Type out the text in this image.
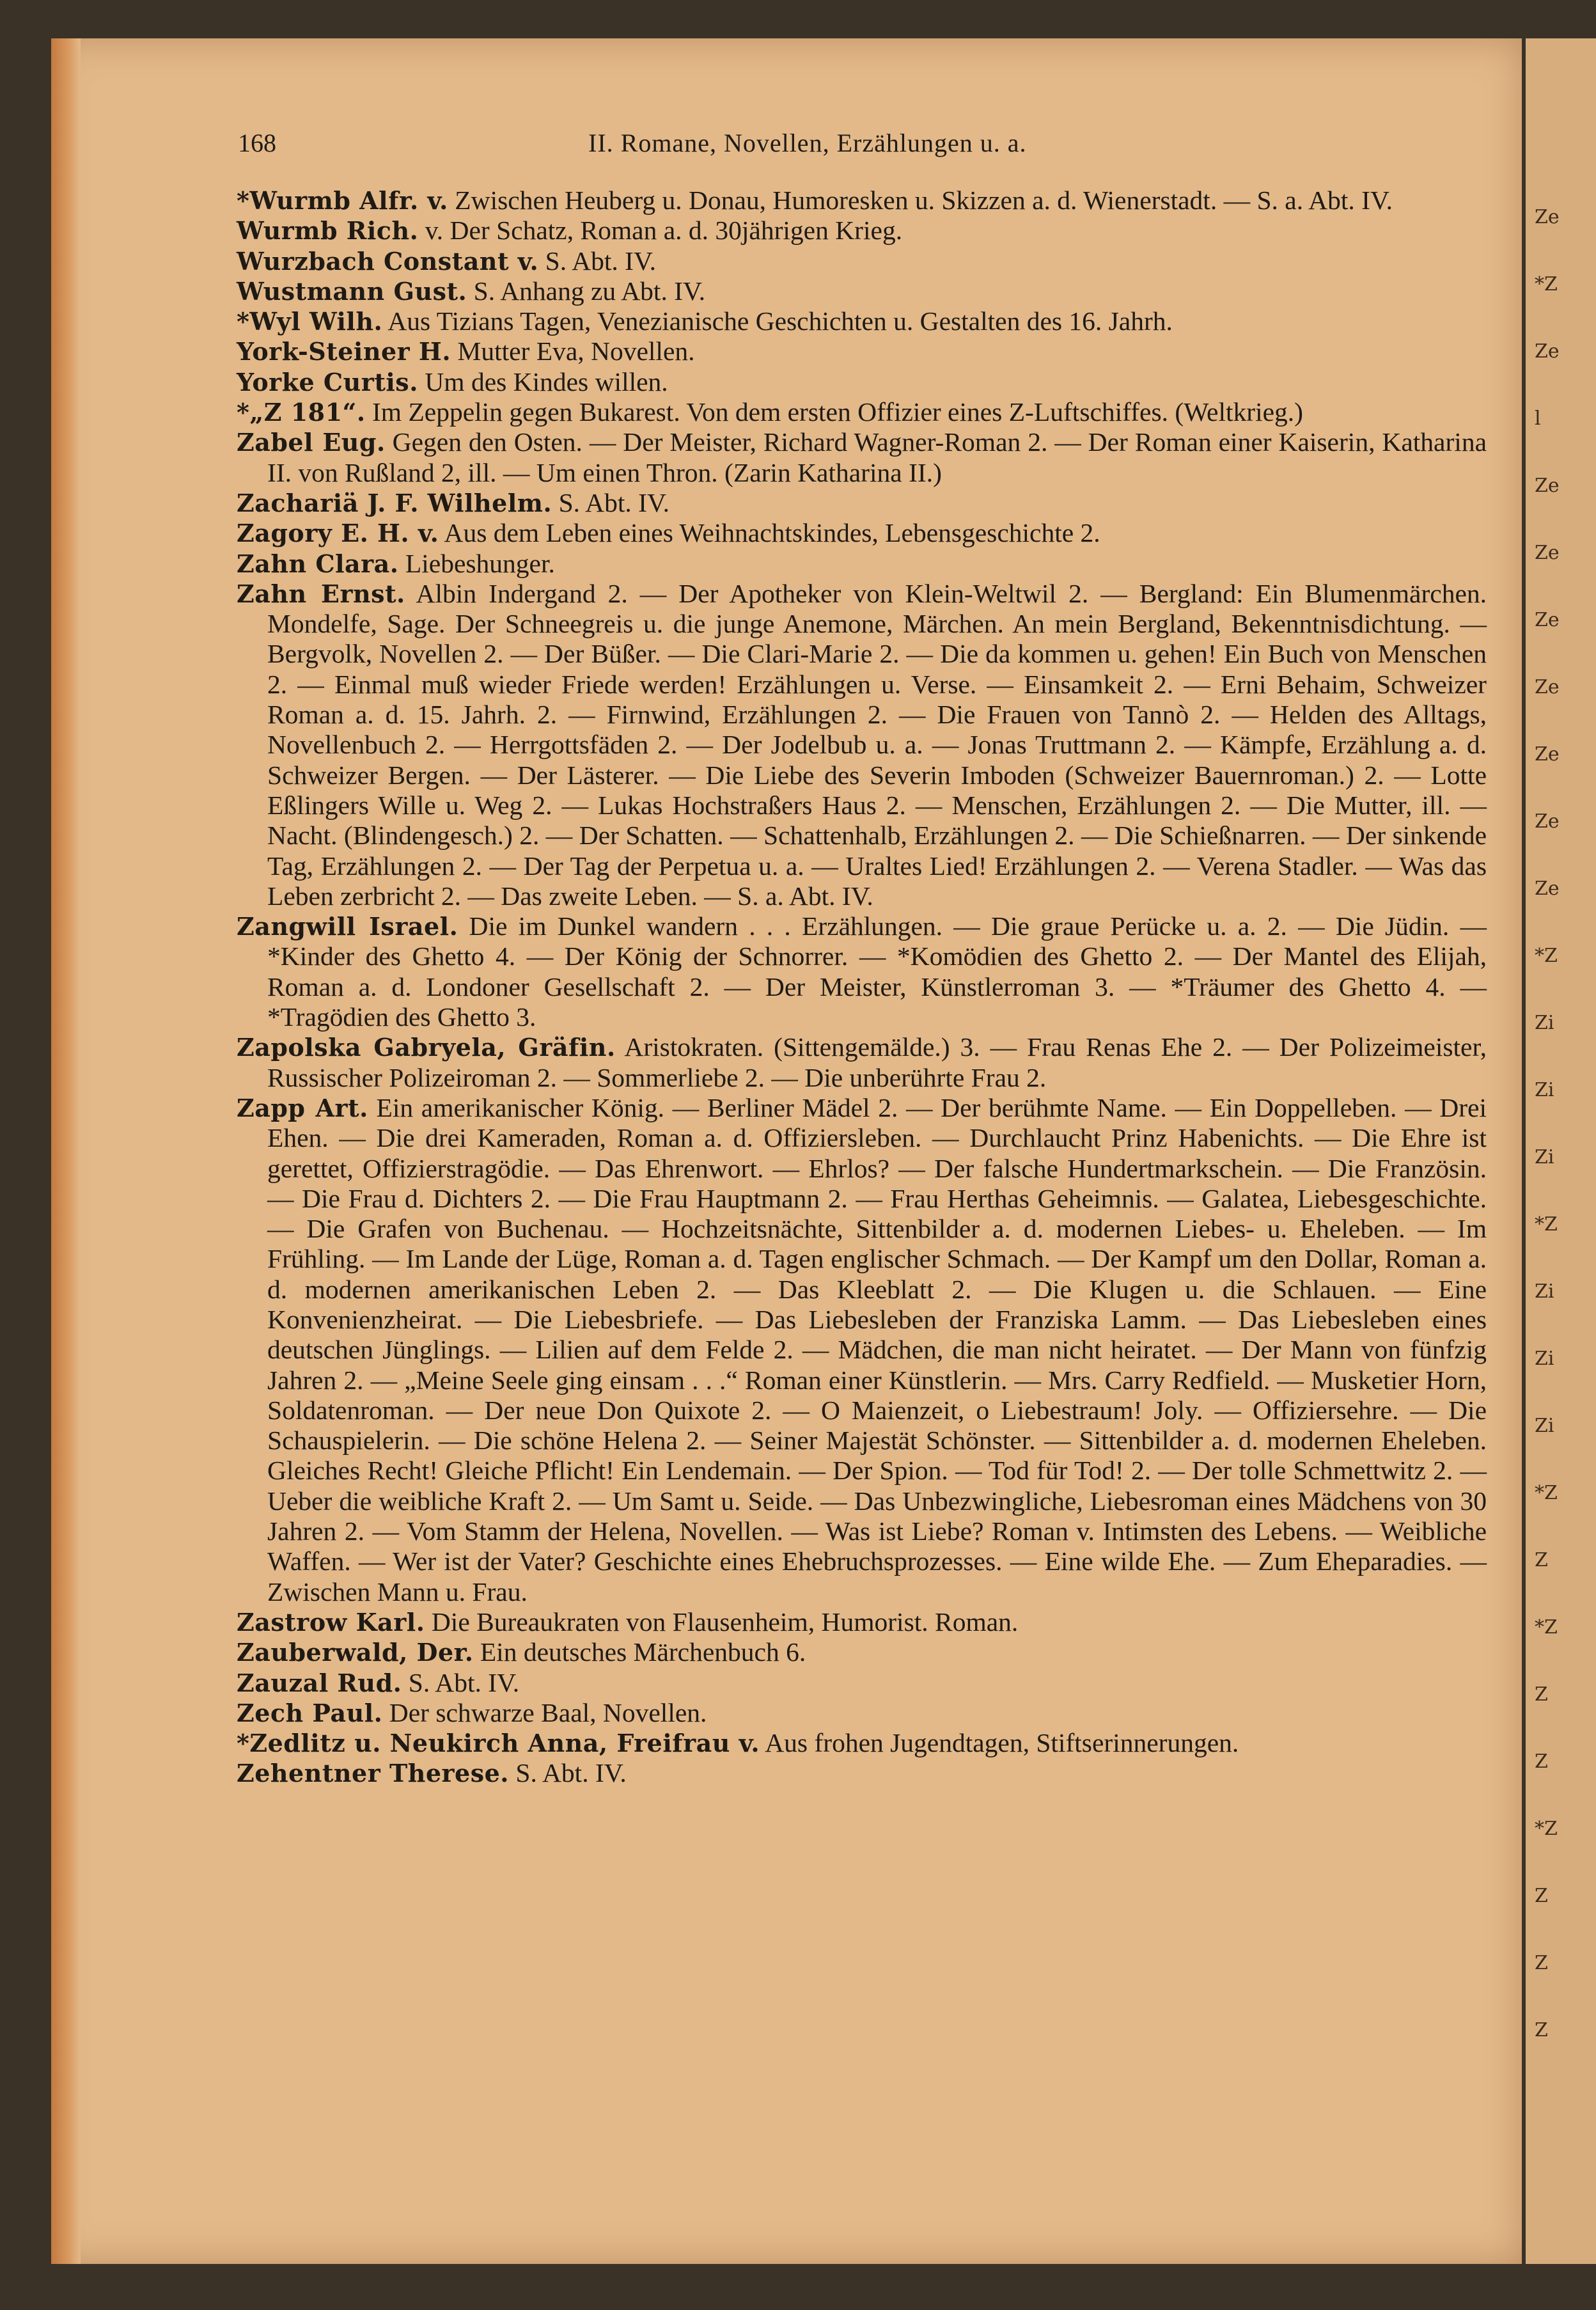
Ze
*Z
Ze
l
Ze
Ze
Ze
Ze
Ze
Ze
Ze
*Z
Zi
Zi
Zi
*Z
Zi
Zi
Zi
*Z
Z
*Z
Z
Z
*Z
Z
Z
Z
168	II. Romane, Novellen, Erzählungen u. a.

*Wurmb Alfr. v. Zwischen Heuberg u. Donau, Humoresken u. Skizzen a. d. Wienerstadt. — S. a. Abt. IV.

Wurmb Rich. v. Der Schatz, Roman a. d. 30jährigen Krieg.

Wurzbach Constant v. S. Abt. IV.

Wustmann Gust. S. Anhang zu Abt. IV.

*Wyl Wilh. Aus Tizians Tagen, Venezianische Geschichten u. Gestalten des 16. Jahrh.

York-Steiner H. Mutter Eva, Novellen.

Yorke Curtis. Um des Kindes willen.

*„Z 181“. Im Zeppelin gegen Bukarest. Von dem ersten Offizier eines Z-Luftschiffes. (Weltkrieg.)

Zabel Eug. Gegen den Osten. — Der Meister, Richard Wagner-Roman 2. — Der Roman einer Kaiserin, Katharina II. von Rußland 2, ill. — Um einen Thron. (Zarin Katharina II.)

Zachariä J. F. Wilhelm. S. Abt. IV.

Zagory E. H. v. Aus dem Leben eines Weihnachtskindes, Lebensgeschichte 2.

Zahn Clara. Liebeshunger.

Zahn Ernst. Albin Indergand 2. — Der Apotheker von Klein-Weltwil 2. — Bergland: Ein Blumenmärchen. Mondelfe, Sage. Der Schneegreis u. die junge Anemone, Märchen. An mein Bergland, Bekenntnisdichtung. — Bergvolk, Novellen 2. — Der Büßer. — Die Clari-Marie 2. — Die da kommen u. gehen! Ein Buch von Menschen 2. — Einmal muß wieder Friede werden! Erzählungen u. Verse. — Einsamkeit 2. — Erni Behaim, Schweizer Roman a. d. 15. Jahrh. 2. — Firnwind, Erzählungen 2. — Die Frauen von Tannò 2. — Helden des Alltags, Novellenbuch 2. — Herrgottsfäden 2. — Der Jodelbub u. a. — Jonas Truttmann 2. — Kämpfe, Erzählung a. d. Schweizer Bergen. — Der Lästerer. — Die Liebe des Severin Imboden (Schweizer Bauernroman.) 2. — Lotte Eßlingers Wille u. Weg 2. — Lukas Hochstraßers Haus 2. — Menschen, Erzählungen 2. — Die Mutter, ill. — Nacht. (Blindengesch.) 2. — Der Schatten. — Schattenhalb, Erzählungen 2. — Die Schießnarren. — Der sinkende Tag, Erzählungen 2. — Der Tag der Perpetua u. a. — Uraltes Lied! Erzählungen 2. — Verena Stadler. — Was das Leben zerbricht 2. — Das zweite Leben. — S. a. Abt. IV.

Zangwill Israel. Die im Dunkel wandern . . . Erzählungen. — Die graue Perücke u. a. 2. — Die Jüdin. — *Kinder des Ghetto 4. — Der König der Schnorrer. — *Komödien des Ghetto 2. — Der Mantel des Elijah, Roman a. d. Londoner Gesellschaft 2. — Der Meister, Künstlerroman 3. — *Träumer des Ghetto 4. — *Tragödien des Ghetto 3.

Zapolska Gabryela, Gräfin. Aristokraten. (Sittengemälde.) 3. — Frau Renas Ehe 2. — Der Polizeimeister, Russischer Polizeiroman 2. — Sommerliebe 2. — Die unberührte Frau 2.

Zapp Art. Ein amerikanischer König. — Berliner Mädel 2. — Der berühmte Name. — Ein Doppelleben. — Drei Ehen. — Die drei Kameraden, Roman a. d. Offiziersleben. — Durchlaucht Prinz Habenichts. — Die Ehre ist gerettet, Offizierstragödie. — Das Ehrenwort. — Ehrlos? — Der falsche Hundertmarkschein. — Die Französin. — Die Frau d. Dichters 2. — Die Frau Hauptmann 2. — Frau Herthas Geheimnis. — Galatea, Liebesgeschichte. — Die Grafen von Buchenau. — Hochzeitsnächte, Sittenbilder a. d. modernen Liebes- u. Eheleben. — Im Frühling. — Im Lande der Lüge, Roman a. d. Tagen englischer Schmach. — Der Kampf um den Dollar, Roman a. d. modernen amerikanischen Leben 2. — Das Kleeblatt 2. — Die Klugen u. die Schlauen. — Eine Konvenienzheirat. — Die Liebesbriefe. — Das Liebesleben der Franziska Lamm. — Das Liebesleben eines deutschen Jünglings. — Lilien auf dem Felde 2. — Mädchen, die man nicht heiratet. — Der Mann von fünfzig Jahren 2. — „Meine Seele ging einsam . . .“ Roman einer Künstlerin. — Mrs. Carry Redfield. — Musketier Horn, Soldatenroman. — Der neue Don Quixote 2. — O Maienzeit, o Liebestraum! Joly. — Offiziersehre. — Die Schauspielerin. — Die schöne Helena 2. — Seiner Majestät Schönster. — Sittenbilder a. d. modernen Eheleben. Gleiches Recht! Gleiche Pflicht! Ein Lendemain. — Der Spion. — Tod für Tod! 2. — Der tolle Schmettwitz 2. — Ueber die weibliche Kraft 2. — Um Samt u. Seide. — Das Unbezwingliche, Liebesroman eines Mädchens von 30 Jahren 2. — Vom Stamm der Helena, Novellen. — Was ist Liebe? Roman v. Intimsten des Lebens. — Weibliche Waffen. — Wer ist der Vater? Geschichte eines Ehebruchsprozesses. — Eine wilde Ehe. — Zum Eheparadies. — Zwischen Mann u. Frau.

Zastrow Karl. Die Bureaukraten von Flausenheim, Humorist. Roman.

Zauberwald, Der. Ein deutsches Märchenbuch 6.

Zauzal Rud. S. Abt. IV.

Zech Paul. Der schwarze Baal, Novellen.

*Zedlitz u. Neukirch Anna, Freifrau v. Aus frohen Jugendtagen, Stiftserinnerungen.

Zehentner Therese. S. Abt. IV.
